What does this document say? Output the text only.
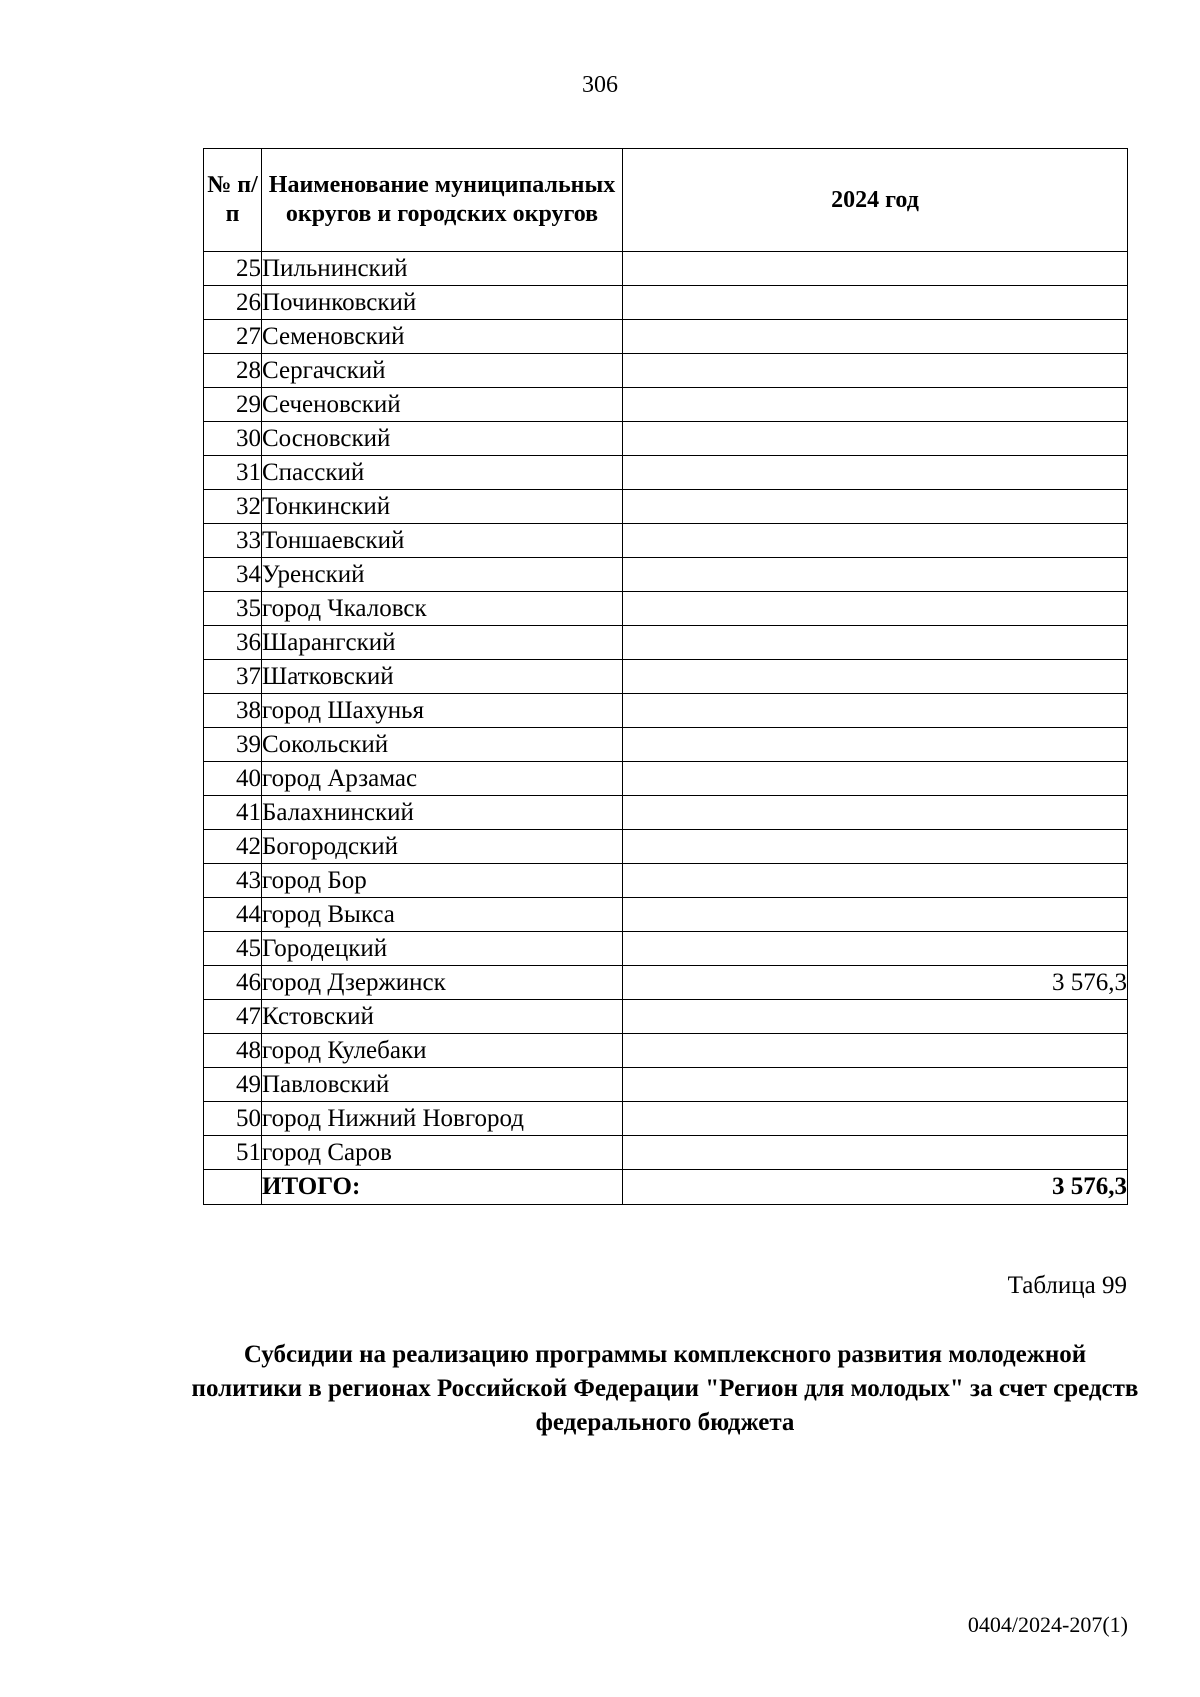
306
№ п/п	Наименование муниципальных округов и городских округов	2024 год
25	Пильнинский	
26	Починковский	
27	Семеновский	
28	Сергачский	
29	Сеченовский	
30	Сосновский	
31	Спасский	
32	Тонкинский	
33	Тоншаевский	
34	Уренский	
35	город Чкаловск	
36	Шарангский	
37	Шатковский	
38	город Шахунья	
39	Сокольский	
40	город Арзамас	
41	Балахнинский	
42	Богородский	
43	город Бор	
44	город Выкса	
45	Городецкий	
46	город Дзержинск	3 576,3
47	Кстовский	
48	город Кулебаки	
49	Павловский	
50	город Нижний Новгород	
51	город Саров	
	ИТОГО:	3 576,3
Таблица 99
Субсидии на реализацию программы комплексного развития молодежной политики в регионах Российской Федерации "Регион для молодых" за счет средств федерального бюджета
0404/2024-207(1)
